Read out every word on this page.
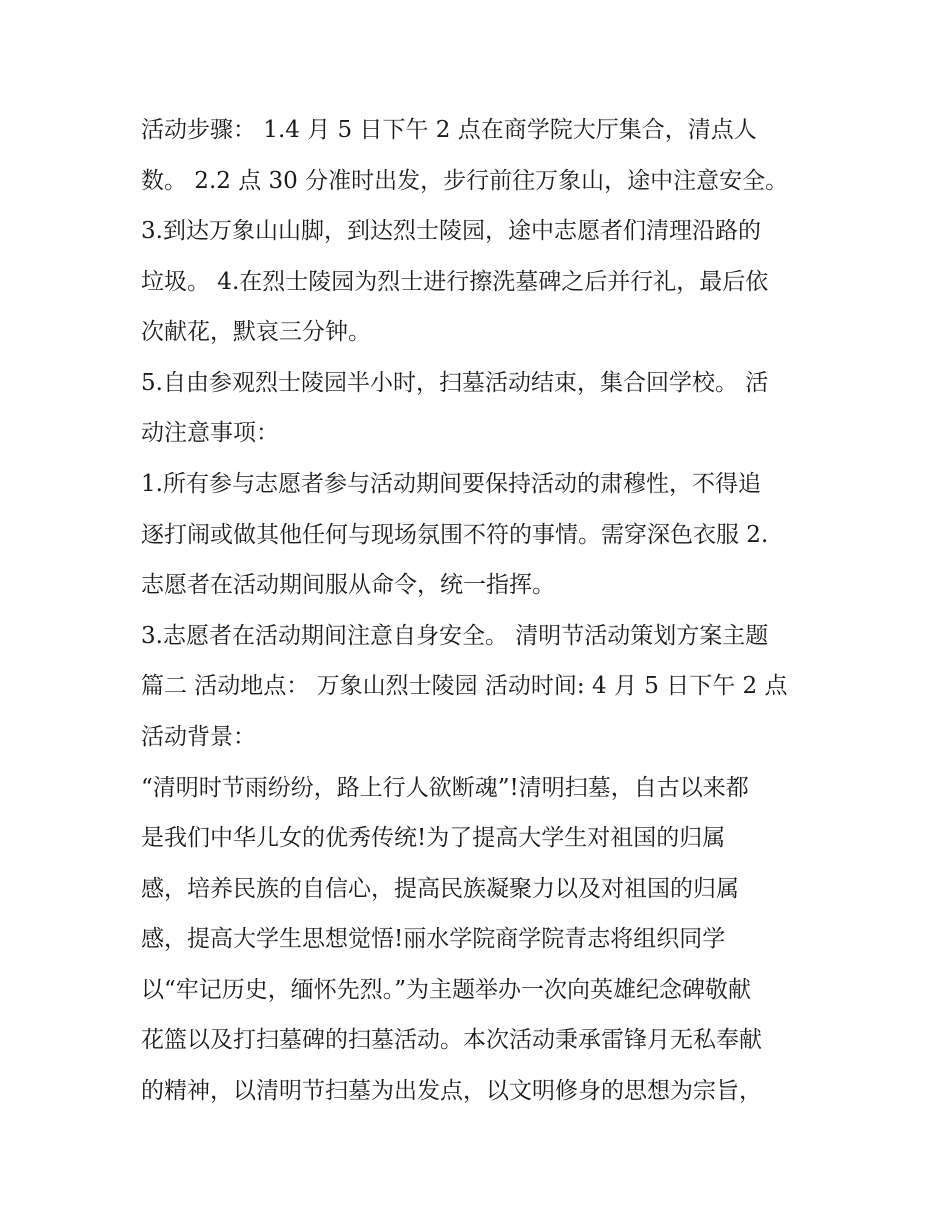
活动步骤： 1.4 月 5 日下午 2 点在商学院大厅集合，清点人
数。 2.2 点 30 分准时出发，步行前往万象山，途中注意安全。
3.到达万象山山脚，到达烈士陵园，途中志愿者们清理沿路的
垃圾。 4.在烈士陵园为烈士进行擦洗墓碑之后并行礼，最后依
次献花，默哀三分钟。
5.自由参观烈士陵园半小时，扫墓活动结束，集合回学校。 活
动注意事项：
1.所有参与志愿者参与活动期间要保持活动的肃穆性，不得追
逐打闹或做其他任何与现场氛围不符的事情。需穿深色衣服 2.
志愿者在活动期间服从命令，统一指挥。
3.志愿者在活动期间注意自身安全。 清明节活动策划方案主题
篇二 活动地点： 万象山烈士陵园 活动时间: 4 月 5 日下午 2 点
活动背景：
“清明时节雨纷纷，路上行人欲断魂”!清明扫墓，自古以来都
是我们中华儿女的优秀传统!为了提高大学生对祖国的归属
感，培养民族的自信心，提高民族凝聚力以及对祖国的归属
感，提高大学生思想觉悟!丽水学院商学院青志将组织同学
以“牢记历史，缅怀先烈。”为主题举办一次向英雄纪念碑敬献
花篮以及打扫墓碑的扫墓活动。本次活动秉承雷锋月无私奉献
的精神，以清明节扫墓为出发点，以文明修身的思想为宗旨，
